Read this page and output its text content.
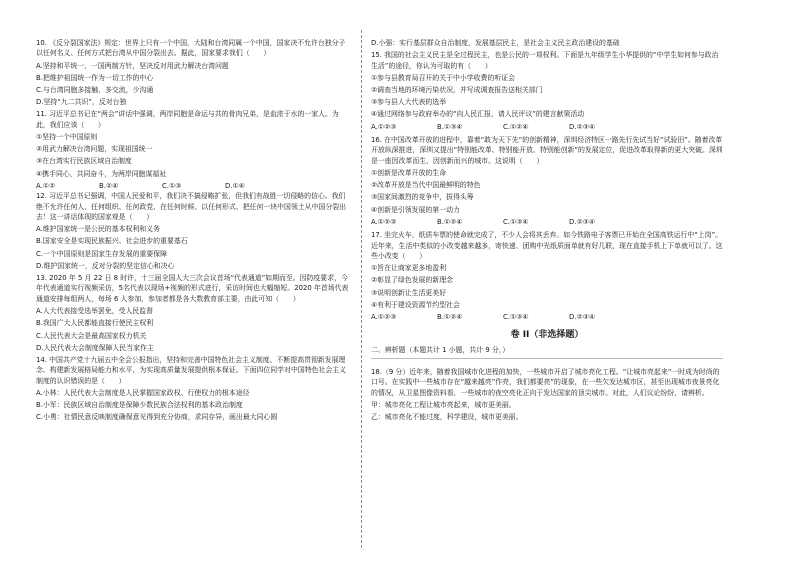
10. 《反分裂国家法》规定：世界上只有一个中国，大陆和台湾同属一个中国，国家决不允许台独分子以任何名义、任何方式把台湾从中国分裂出去。据此，国家要求我们（　　）

A.坚持和平统一，一国两制方针，坚决反对用武力解决台湾问题

B.把维护祖国统一作为一切工作的中心

C.与台湾同胞多接触、多交流，少沟通

D.坚持“九二共识”，反对台独

11. 习近平总书记在“两会”讲话中强调，两岸同胞是命运与共的骨肉兄弟，是血浓于水的一家人。为此，我们应该（　　）

①坚持一个中国原则

②用武力解决台湾问题，实现祖国统一

③在台湾实行民族区域自治制度

④携手同心，共同奋斗，为两岸同胞谋福祉

A.①②	B.②④	C.①③	D.①④

12. 习近平总书记强调，中国人民爱和平，我们决不搞侵略扩张，但我们有战胜一切侵略的信心。我们绝不允许任何人、任何组织、任何政党、在任何时候、以任何形式、把任何一块中国领土从中国分裂出去！这一讲话体现的国家观是（　　）

A.维护国家统一是公民的基本权利和义务

B.国家安全是实现民族振兴、社会进步的重要基石

C.一个中国原则是国家生存发展的重要保障

D.维护国家统一，反对分裂的坚定信心和决心

13. 2020 年 5 月 22 日 8 时许，十三届全国人大三次会议首场“代表通道”如期而至。因防疫要求，今年代表通道实行视频采访，5名代表以现场+视频的形式进行，采访时间也大幅缩短。2020 年首场代表通道安排每组两人，每场 6 人参加，参加者都是各大数教育部主要，由此可知（　　）

A.人大代表接受选举罢免，受人民监督

B.我国广大人民都能直接行使民主权利

C.人民代表大会是最高国家权力机关

D.人民代表大会制度保障人民当家作主

14. 中国共产党十九届五中全会公报指出，坚持和完善中国特色社会主义制度、不断提高贯彻新发展理念、构建新发展格局能力和水平，为实现高质量发展提供根本保证。下面四位同学对中国特色社会主义制度的认识错误的是（　　）

A.小林：人民代表大会制度是人民掌握国家政权、行使权力的根本途径

B.小军：民族区域自治制度是保障少数民族合法权利的基本政治制度

C.小勇：社情民意反映制度确保意见得到充分协商，求同存异，画出最大同心圆

D.小强：实行基层群众自治制度，发展基层民主，是社会主义民主政治建设的基础

15. 我国的社会主义民主是全过程民主，也是公民的一项权利。下面是九年级学生小华提供的“中学生如何参与政治生活”的途径，你认为可取的有（　　）

①参与县教育局召开的关于中小学收费的听证会

②调查当地的环境污染状况，并写成调查报告送相关部门

③参与县人大代表的选举

④通过网络参与政府举办的“向人民汇报，请人民评议”的建言献策活动

A.①②③	B.①③④	C.①②④	D.②③④

16. 在中国改革开放的进程中，靠着“敢为天下先”的创新精神，深圳经济特区一路先行先试当好“试验田”。随着改革开放纵深推进，深圳又提出“特别能改革、特别能开放、特别能创新”的发展定位，促进改革取得新的更大突破。深圳是一座因改革而生、因创新而兴的城市。这说明（　　）

①创新是改革开放的生命

②改革开放是当代中国最鲜明的特色

③国家间激烈的竞争中，拔得头筹

④创新是引领发展的第一动力

A.①②③	B.①②④	C.①③④	D.②③④

17. 坐完火车，纸质车票的使命就完成了，不少人会将其丢弃。如今铁路电子客票已开始在全国高铁运行中“上岗”。近年来，生活中类似的小改变越来越多，寄快递、团购中光纸质面单就有好几联，现在直接手机上下单就可以了。这些小改变（　　）

①旨在让商家更多地盈利

②彰显了绿色发展的新理念

③说明创新让生活更美好

④有利于建设资源节约型社会

A.①②③	B.①②④	C.①③④	D.②③④
卷 II（非选择题）

二、辨析题（本题共计 1 小题，共计 9 分，）

18.（9 分）近年来，随着我国城市化进程的加快，一些城市开启了城市亮化工程。“让城市亮起来”一时成为时尚的口号。在实践中一些城市存在“越来越亮”作亮，我们都要亮”的现象，在一些欠发达城市区，甚至出现城市夜景亮化的情况，从卫星图像资料看，一些城市的夜空亮化正向于发达国家的顶尖城市。对此，人们议论纷纷，请辨析。

甲：城市亮化工程让城市亮起来，城市更美丽。

乙：城市亮化不能过度，科学建设，城市更美丽。
